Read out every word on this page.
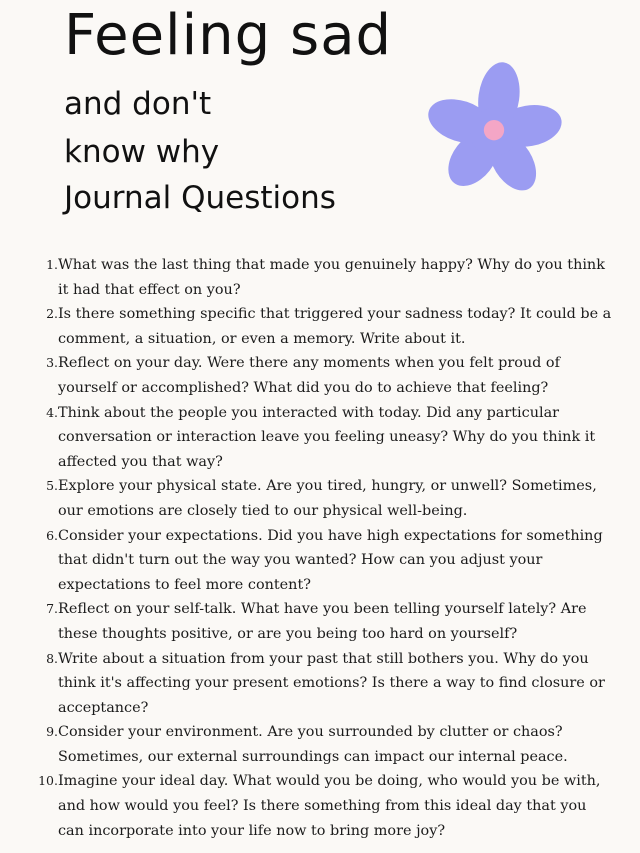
Feeling sad
and don't
know why
Journal Questions
1. What was the last thing that made you genuinely happy? Why do you think it had that effect on you?
2. Is there something specific that triggered your sadness today? It could be a comment, a situation, or even a memory. Write about it.
3. Reflect on your day. Were there any moments when you felt proud of yourself or accomplished? What did you do to achieve that feeling?
4. Think about the people you interacted with today. Did any particular conversation or interaction leave you feeling uneasy? Why do you think it affected you that way?
5. Explore your physical state. Are you tired, hungry, or unwell? Sometimes, our emotions are closely tied to our physical well-being.
6. Consider your expectations. Did you have high expectations for something that didn't turn out the way you wanted? How can you adjust your expectations to feel more content?
7. Reflect on your self-talk. What have you been telling yourself lately? Are these thoughts positive, or are you being too hard on yourself?
8. Write about a situation from your past that still bothers you. Why do you think it's affecting your present emotions? Is there a way to find closure or acceptance?
9. Consider your environment. Are you surrounded by clutter or chaos? Sometimes, our external surroundings can impact our internal peace.
10. Imagine your ideal day. What would you be doing, who would you be with, and how would you feel? Is there something from this ideal day that you can incorporate into your life now to bring more joy?
